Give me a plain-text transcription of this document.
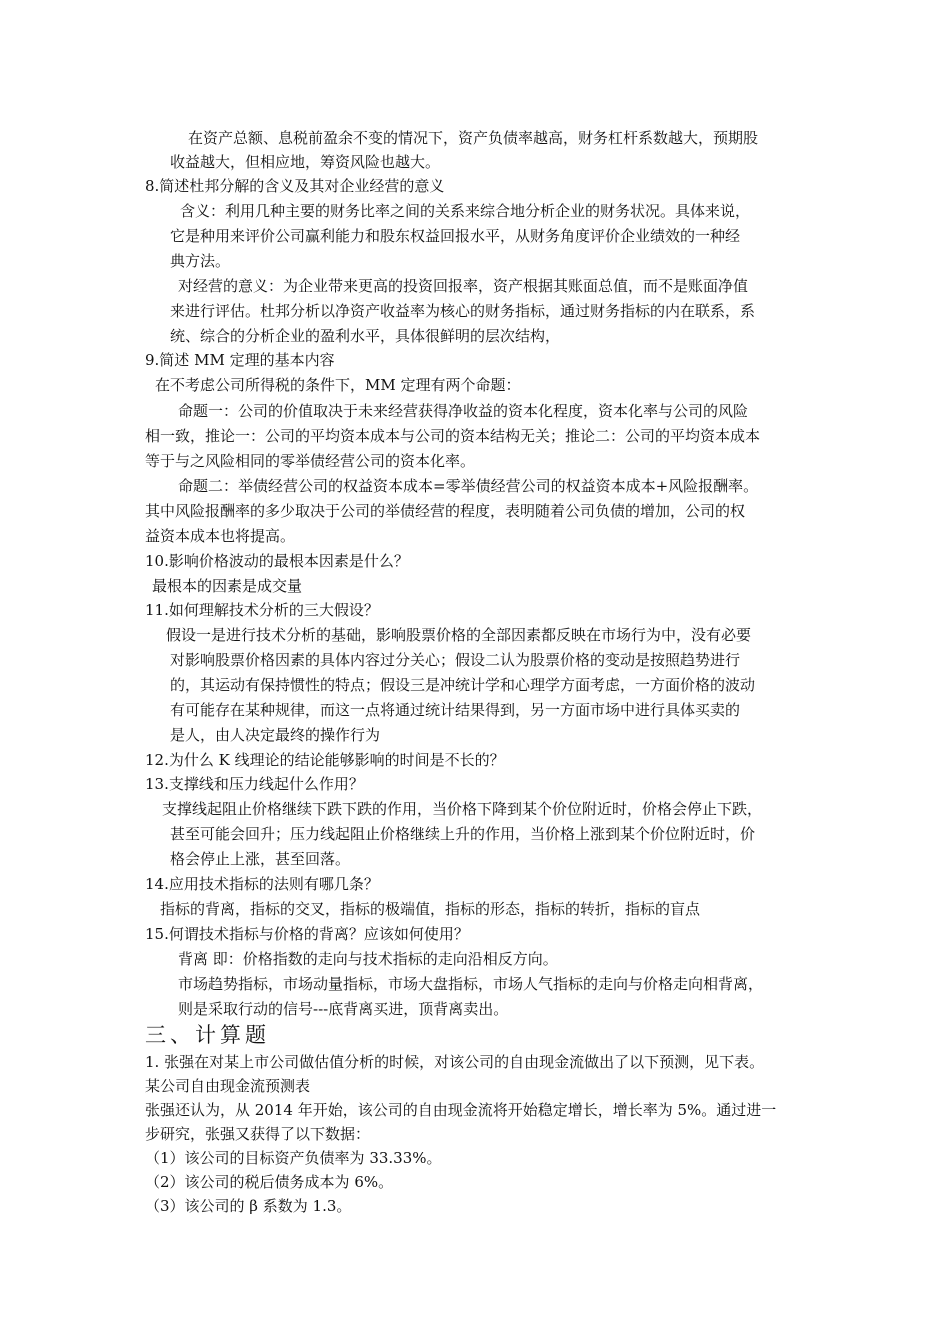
在资产总额、息税前盈余不变的情况下，资产负债率越高，财务杠杆系数越大，预期股
收益越大，但相应地，筹资风险也越大。
8.简述杜邦分解的含义及其对企业经营的意义
含义：利用几种主要的财务比率之间的关系来综合地分析企业的财务状况。具体来说，
它是种用来评价公司赢利能力和股东权益回报水平，从财务角度评价企业绩效的一种经
典方法。
对经营的意义：为企业带来更高的投资回报率，资产根据其账面总值，而不是账面净值
来进行评估。杜邦分析以净资产收益率为核心的财务指标，通过财务指标的内在联系，系
统、综合的分析企业的盈利水平，具体很鲜明的层次结构，
9.简述 MM 定理的基本内容
在不考虑公司所得税的条件下，MM 定理有两个命题：
命题一：公司的价值取决于未来经营获得净收益的资本化程度，资本化率与公司的风险
相一致，推论一：公司的平均资本成本与公司的资本结构无关；推论二：公司的平均资本成本
等于与之风险相同的零举债经营公司的资本化率。
命题二：举债经营公司的权益资本成本=零举债经营公司的权益资本成本+风险报酬率。
其中风险报酬率的多少取决于公司的举债经营的程度，表明随着公司负债的增加，公司的权
益资本成本也将提高。
10.影响价格波动的最根本因素是什么？
最根本的因素是成交量
11.如何理解技术分析的三大假设？
假设一是进行技术分析的基础，影响股票价格的全部因素都反映在市场行为中，没有必要
对影响股票价格因素的具体内容过分关心；假设二认为股票价格的变动是按照趋势进行
的，其运动有保持惯性的特点；假设三是冲统计学和心理学方面考虑，一方面价格的波动
有可能存在某种规律，而这一点将通过统计结果得到，另一方面市场中进行具体买卖的
是人，由人决定最终的操作行为
12.为什么 K 线理论的结论能够影响的时间是不长的？
13.支撑线和压力线起什么作用？
支撑线起阻止价格继续下跌下跌的作用，当价格下降到某个价位附近时，价格会停止下跌，
甚至可能会回升；压力线起阻止价格继续上升的作用，当价格上涨到某个价位附近时，价
格会停止上涨，甚至回落。
14.应用技术指标的法则有哪几条？
指标的背离，指标的交叉，指标的极端值，指标的形态，指标的转折，指标的盲点
15.何谓技术指标与价格的背离？应该如何使用？
背离 即：价格指数的走向与技术指标的走向沿相反方向。
市场趋势指标，市场动量指标，市场大盘指标，市场人气指标的走向与价格走向相背离，
则是采取行动的信号---底背离买进，顶背离卖出。
三、计算题
1. 张强在对某上市公司做估值分析的时候，对该公司的自由现金流做出了以下预测，见下表。
某公司自由现金流预测表
张强还认为，从 2014 年开始，该公司的自由现金流将开始稳定增长，增长率为 5%。通过进一
步研究，张强又获得了以下数据：
（1）该公司的目标资产负债率为 33.33%。
（2）该公司的税后债务成本为 6%。
（3）该公司的 β 系数为 1.3。
